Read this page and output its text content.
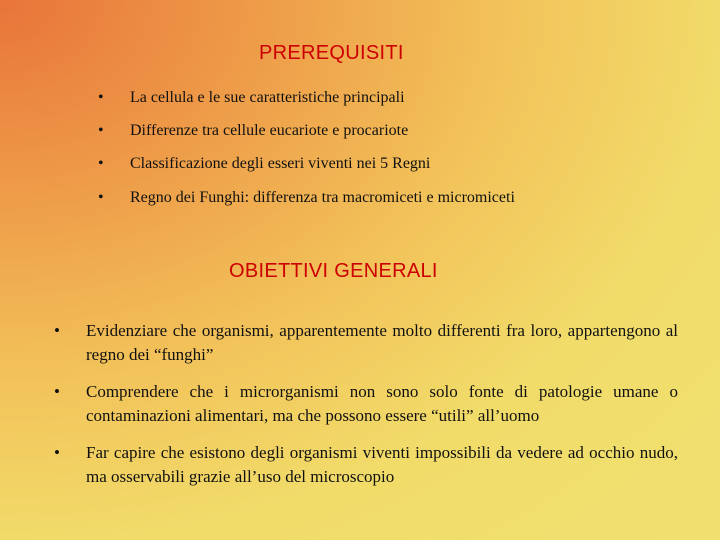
PREREQUISITI
• La cellula e le sue caratteristiche principali
• Differenze tra cellule eucariote e procariote
• Classificazione degli esseri viventi nei 5 Regni
• Regno dei Funghi: differenza tra macromiceti e micromiceti
OBIETTIVI GENERALI
• Evidenziare che organismi, apparentemente molto differenti fra loro, appartengono al regno dei “funghi”
• Comprendere che i microrganismi non sono solo fonte di patologie umane o contaminazioni alimentari, ma che possono essere “utili” all’uomo
• Far capire che esistono degli organismi viventi impossibili da vedere ad occhio nudo, ma osservabili grazie all’uso del microscopio
